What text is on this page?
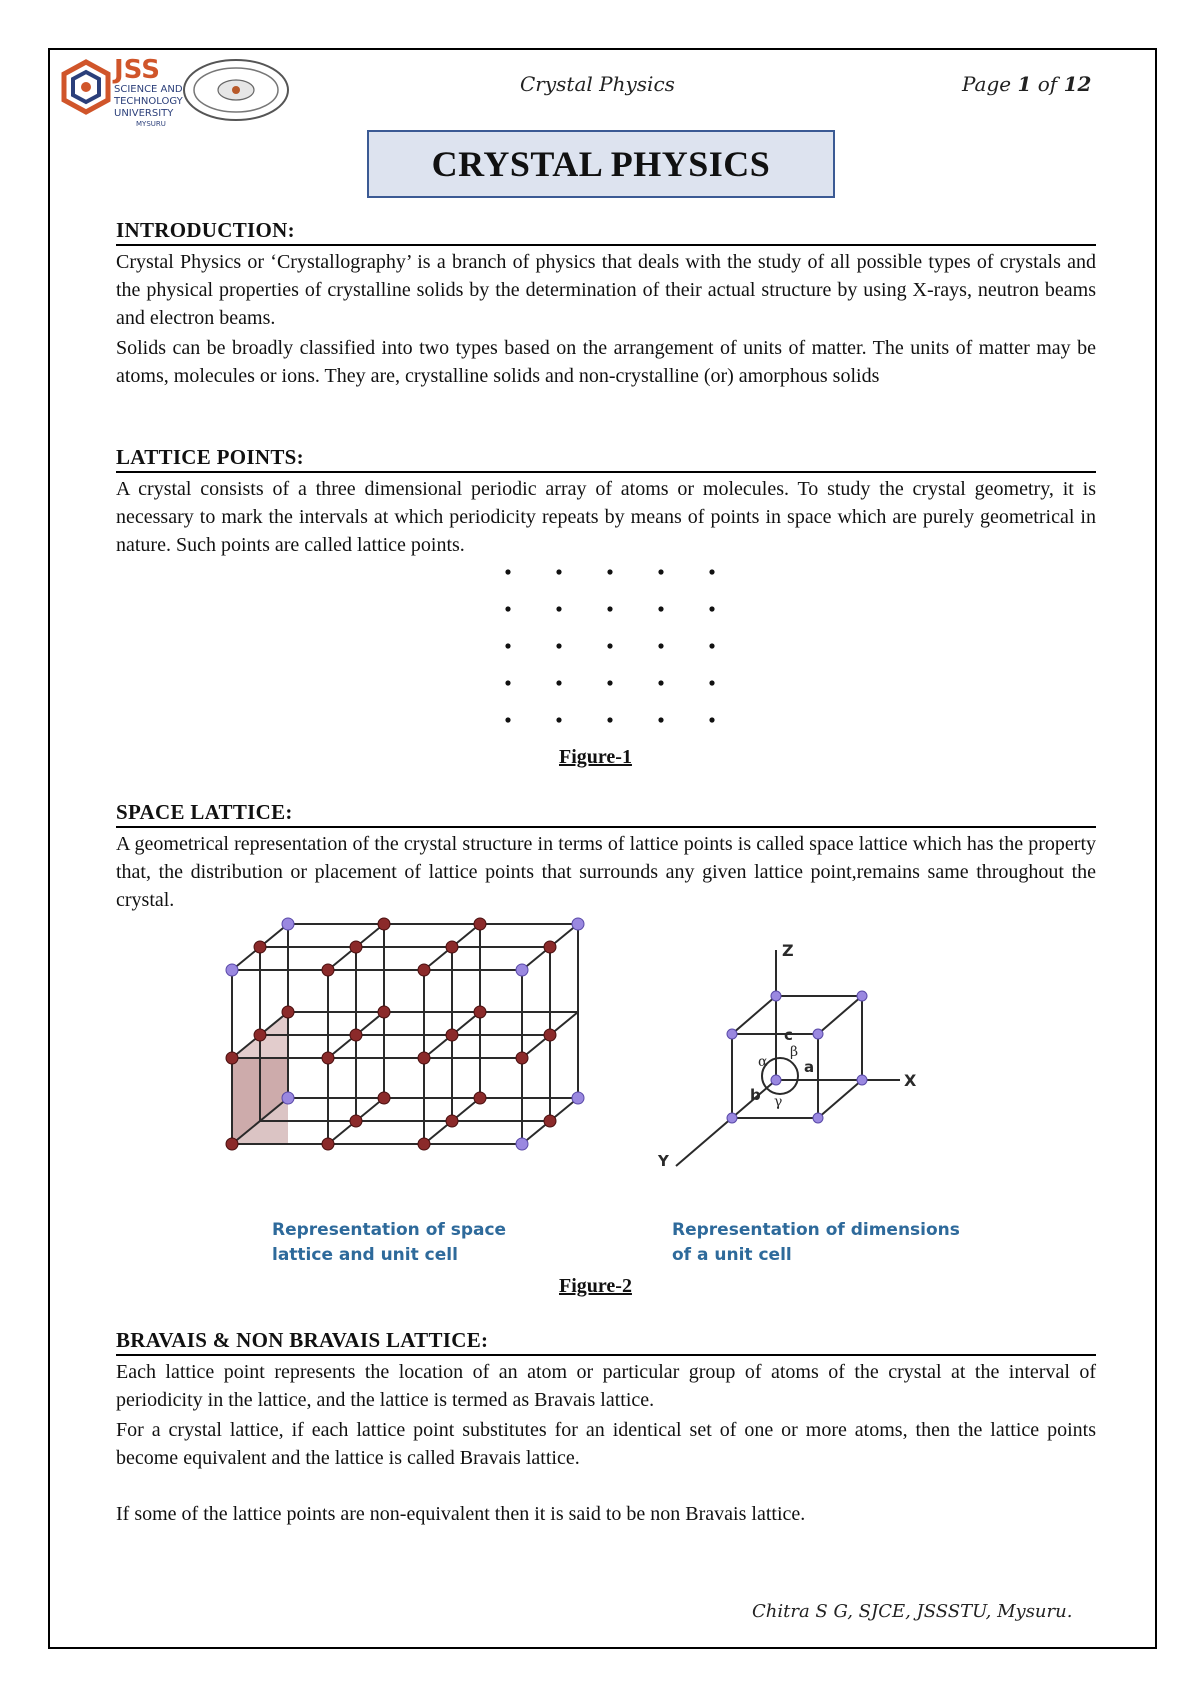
JSS
SCIENCE AND
TECHNOLOGY
UNIVERSITY
MYSURU
Crystal Physics	Page 1 of 12
CRYSTAL PHYSICS
INTRODUCTION:

Crystal Physics or ‘Crystallography’ is a branch of physics that deals with the study of all possible types of crystals and the physical properties of crystalline solids by the determination of their actual structure by using X-rays, neutron beams and electron beams.

Solids can be broadly classified into two types based on the arrangement of units of matter. The units of matter may be atoms, molecules or ions. They are, crystalline solids and non-crystalline (or) amorphous solids

LATTICE POINTS:

A crystal consists of a three dimensional periodic array of atoms or molecules. To study the crystal geometry, it is necessary to mark the intervals at which periodicity repeats by means of points in space which are purely geometrical in nature. Such points are called lattice points.

Figure-1
SPACE LATTICE:

A geometrical representation of the crystal structure in terms of lattice points is called space lattice which has the property that, the distribution or placement of lattice points that surrounds any given lattice point,remains same throughout the crystal.

Z
X
Y
c
a
b
α
β
γ
Representation of space
lattice and unit cell
Representation of dimensions
of a unit cell
Figure-2
BRAVAIS & NON BRAVAIS LATTICE:

Each lattice point represents the location of an atom or particular group of atoms of the crystal at the interval of periodicity in the lattice, and the lattice is termed as Bravais lattice.

For a crystal lattice, if each lattice point substitutes for an identical set of one or more atoms, then the lattice points become equivalent and the lattice is called Bravais lattice.

If some of the lattice points are non-equivalent then it is said to be non Bravais lattice.

Chitra S G, SJCE, JSSSTU, Mysuru.
